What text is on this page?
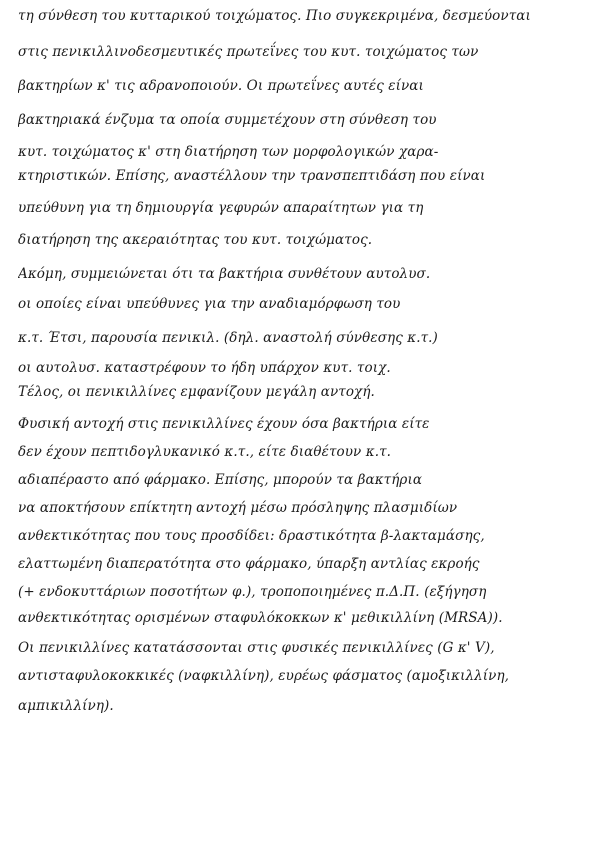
τη σύνθεση του κυτταρικού τοιχώματος. Πιο συγκεκριμένα, δεσμεύονται
στις πενικιλλινοδεσμευτικές πρωτεΐνες του κυτ. τοιχώματος των
βακτηρίων κ' τις αδρανοποιούν. Οι πρωτεΐνες αυτές είναι
βακτηριακά ένζυμα τα οποία συμμετέχουν στη σύνθεση του
κυτ. τοιχώματος κ' στη διατήρηση των μορφολογικών χαρα-
κτηριστικών. Επίσης, αναστέλλουν την τρανσπεπτιδάση που είναι
υπεύθυνη για τη δημιουργία γεφυρών απαραίτητων για τη
διατήρηση της ακεραιότητας του κυτ. τοιχώματος.
Ακόμη, συμμειώνεται ότι τα βακτήρια συνθέτουν αυτολυσ.
οι οποίες είναι υπεύθυνες για την αναδιαμόρφωση του
κ.τ. Έτσι, παρουσία πενικιλ. (δηλ. αναστολή σύνθεσης κ.τ.)
οι αυτολυσ. καταστρέφουν το ήδη υπάρχον κυτ. τοιχ.
Τέλος, οι πενικιλλίνες εμφανίζουν μεγάλη αντοχή.
Φυσική αντοχή στις πενικιλλίνες έχουν όσα βακτήρια είτε
δεν έχουν πεπτιδογλυκανικό κ.τ., είτε διαθέτουν κ.τ.
αδιαπέραστο από φάρμακο. Επίσης, μπορούν τα βακτήρια
να αποκτήσουν επίκτητη αντοχή μέσω πρόσληψης πλασμιδίων
ανθεκτικότητας που τους προσδίδει: δραστικότητα β-λακταμάσης,
ελαττωμένη διαπερατότητα στο φάρμακο, ύπαρξη αντλίας εκροής
(+ ενδοκυττάριων ποσοτήτων φ.), τροποποιημένες π.Δ.Π. (εξήγηση
ανθεκτικότητας ορισμένων σταφυλόκοκκων κ' μεθικιλλίνη (MRSA)).
Οι πενικιλλίνες κατατάσσονται στις φυσικές πενικιλλίνες (G κ' V),
αντισταφυλοκοκκικές (ναφκιλλίνη), ευρέως φάσματος (αμοξικιλλίνη,
αμπικιλλίνη).
